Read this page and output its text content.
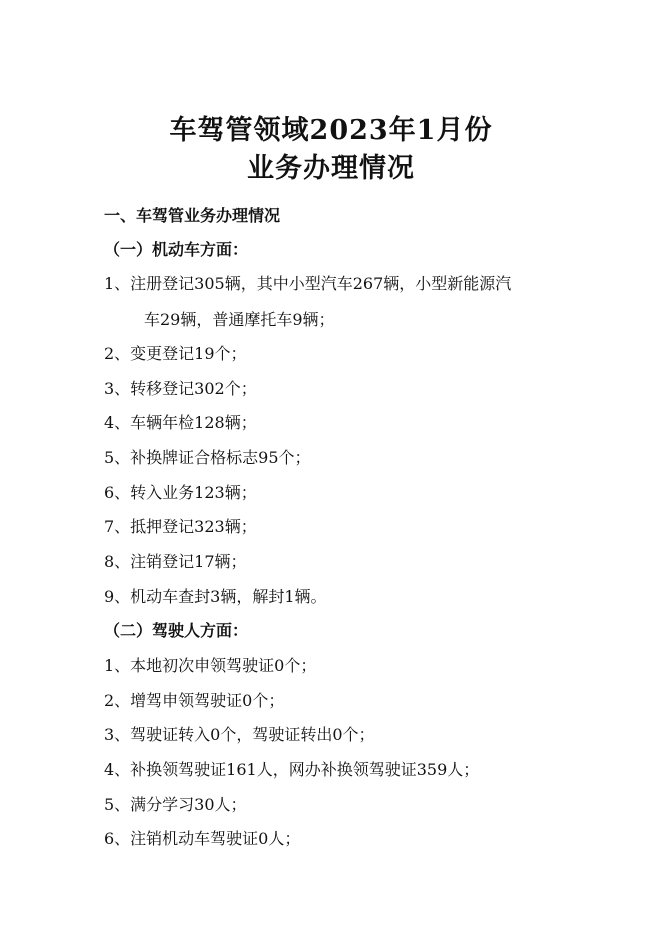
车驾管领域2023年1月份
业务办理情况
一、车驾管业务办理情况
（一）机动车方面：
1、注册登记305辆，其中小型汽车267辆，小型新能源汽
车29辆，普通摩托车9辆；
2、变更登记19个；
3、转移登记302个；
4、车辆年检128辆；
5、补换牌证合格标志95个；
6、转入业务123辆；
7、抵押登记323辆；
8、注销登记17辆；
9、机动车查封3辆，解封1辆。
（二）驾驶人方面：
1、本地初次申领驾驶证0个；
2、增驾申领驾驶证0个；
3、驾驶证转入0个，驾驶证转出0个；
4、补换领驾驶证161人，网办补换领驾驶证359人；
5、满分学习30人；
6、注销机动车驾驶证0人；
